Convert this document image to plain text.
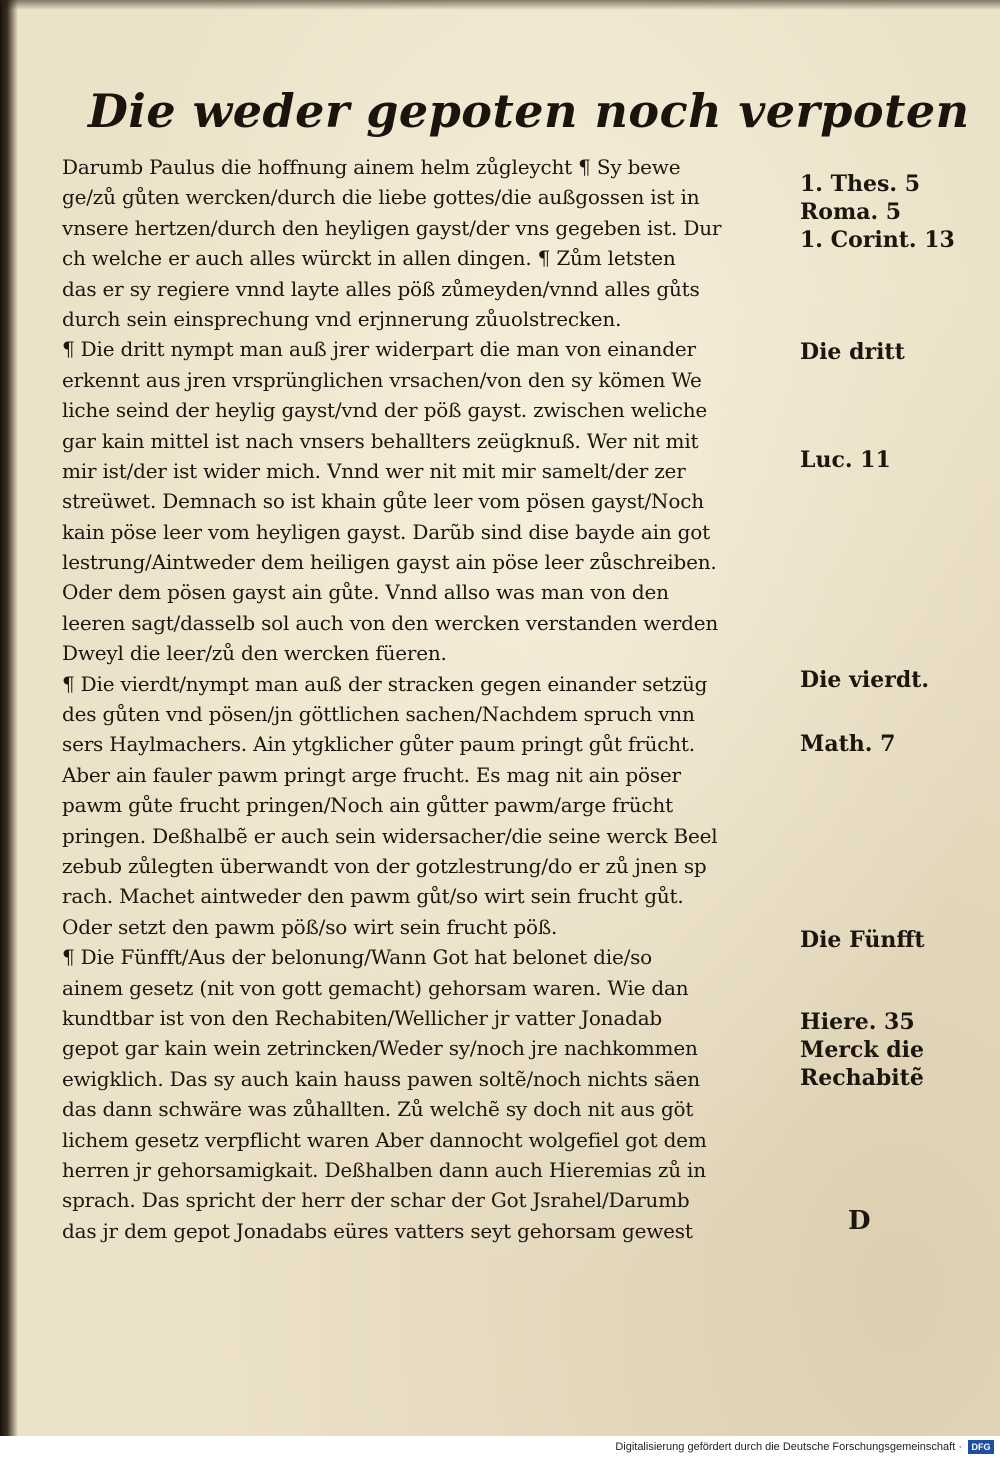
Die weder gepoten noch verpoten
Darumb Paulus die hoffnung ainem helm zůgleycht ¶ Sy bewe
ge/zů gůten wercken/durch die liebe gottes/die außgossen ist in
vnsere hertzen/durch den heyligen gayst/der vns gegeben ist. Dur
ch welche er auch alles würckt in allen dingen. ¶ Zům letsten
das er sy regiere vnnd layte alles pöß zůmeyden/vnnd alles gůts
durch sein einsprechung vnd erjnnerung zůuolstrecken.
¶ Die dritt nympt man auß jrer widerpart die man von einander
erkennt aus jren vrsprünglichen vrsachen/von den sy kömen We
liche seind der heylig gayst/vnd der pöß gayst. zwischen weliche
gar kain mittel ist nach vnsers behallters zeügknuß. Wer nit mit
mir ist/der ist wider mich. Vnnd wer nit mit mir samelt/der zer
streüwet. Demnach so ist khain gůte leer vom pösen gayst/Noch
kain pöse leer vom heyligen gayst. Darũb sind dise bayde ain got
lestrung/Aintweder dem heiligen gayst ain pöse leer zůschreiben.
Oder dem pösen gayst ain gůte. Vnnd allso was man von den
leeren sagt/dasselb sol auch von den wercken verstanden werden
Dweyl die leer/zů den wercken füeren.
¶ Die vierdt/nympt man auß der stracken gegen einander setzüg
des gůten vnd pösen/jn göttlichen sachen/Nachdem spruch vnn
sers Haylmachers. Ain ytgklicher gůter paum pringt gůt frücht.
Aber ain fauler pawm pringt arge frucht. Es mag nit ain pöser
pawm gůte frucht pringen/Noch ain gůtter pawm/arge frücht
pringen. Deßhalbẽ er auch sein widersacher/die seine werck Beel
zebub zůlegten überwandt von der gotzlestrung/do er zů jnen sp
rach. Machet aintweder den pawm gůt/so wirt sein frucht gůt.
Oder setzt den pawm pöß/so wirt sein frucht pöß.
¶ Die Fünfft/Aus der belonung/Wann Got hat belonet die/so
ainem gesetz (nit von gott gemacht) gehorsam waren. Wie dan
kundtbar ist von den Rechabiten/Wellicher jr vatter Jonadab
gepot gar kain wein zetrincken/Weder sy/noch jre nachkommen
ewigklich. Das sy auch kain hauss pawen soltẽ/noch nichts säen
das dann schwäre was zůhallten. Zů welchẽ sy doch nit aus göt
lichem gesetz verpflicht waren Aber dannocht wolgefiel got dem
herren jr gehorsamigkait. Deßhalben dann auch Hieremias zů in
sprach. Das spricht der herr der schar der Got Jsrahel/Darumb
das jr dem gepot Jonadabs eüres vatters seyt gehorsam gewest
1. Thes. 5
Roma. 5
1. Corint. 13
Die dritt
Luc. 11
Die vierdt.
Math. 7
Die Fünfft
Hiere. 35
Merck die
Rechabitẽ
D
Digitalisierung gefördert durch die Deutsche Forschungsgemeinschaft ·	DFG
